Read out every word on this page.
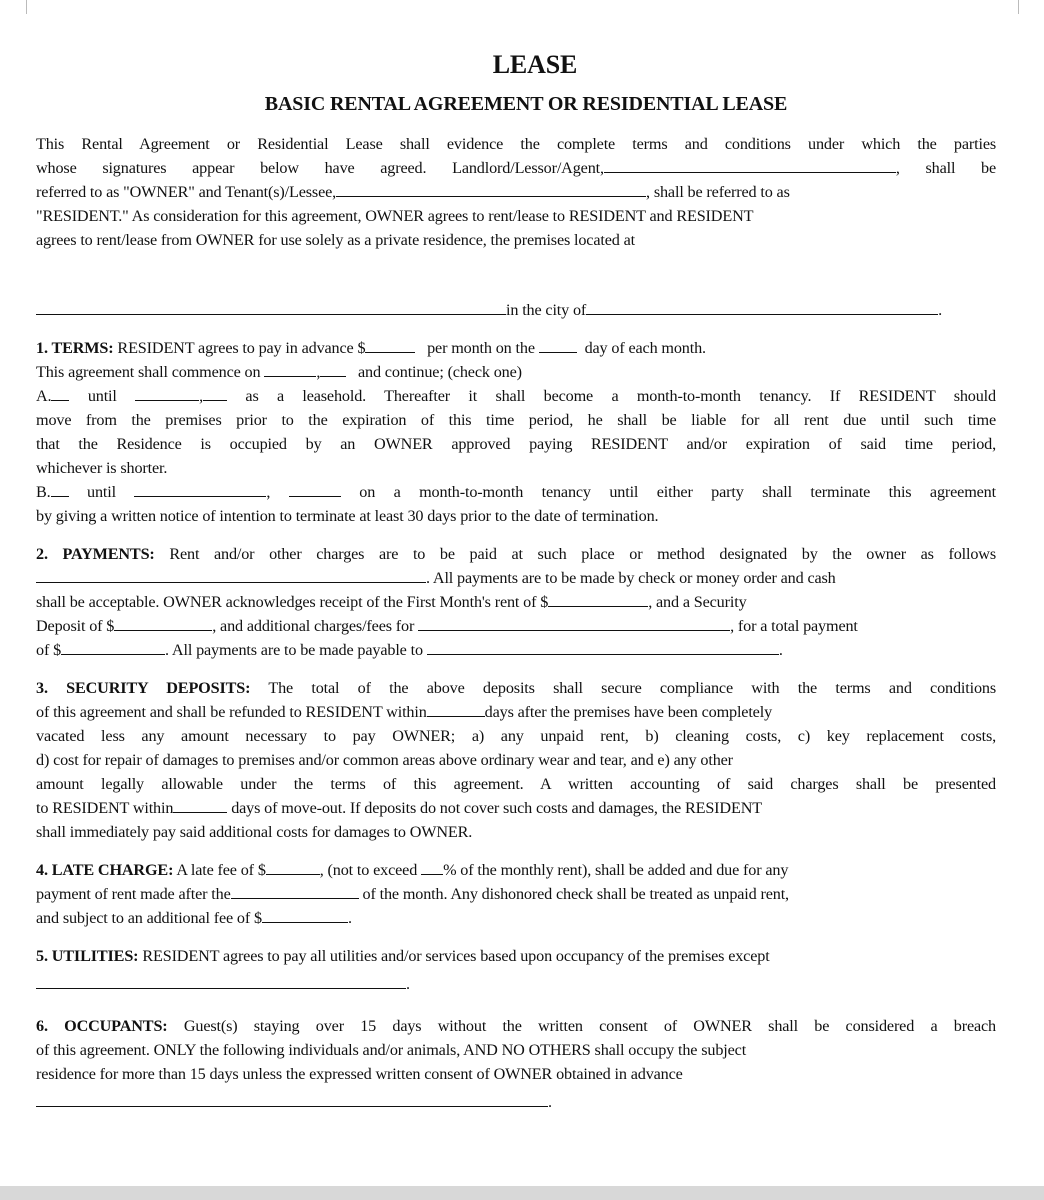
LEASE
BASIC RENTAL AGREEMENT OR RESIDENTIAL LEASE

This Rental Agreement or Residential Lease shall evidence the complete terms and conditions under which the parties

whose signatures appear below have agreed. Landlord/Lessor/Agent,	, shall be

referred to as "OWNER" and Tenant(s)/Lessee,	, shall be referred to as

"RESIDENT." As consideration for this agreement, OWNER agrees to rent/lease to RESIDENT and RESIDENT

agrees to rent/lease from OWNER for use solely as a private residence, the premises located at

in the city of	.

1. TERMS: RESIDENT agrees to pay in advance $	per month on the	day of each month.

This agreement shall commence on	, and continue; (check one)

A. until	,	as a leasehold. Thereafter it shall become a month-to-month tenancy. If RESIDENT should

move from the premises prior to the expiration of this time period, he shall be liable for all rent due until such time

that the Residence is occupied by an OWNER approved paying RESIDENT and/or expiration of said time period,

whichever is shorter.

B. until	,	on a month-to-month tenancy until either party shall terminate this agreement

by giving a written notice of intention to terminate at least 30 days prior to the date of termination.

2. PAYMENTS: Rent and/or other charges are to be paid at such place or method designated by the owner as follows

. All payments are to be made by check or money order and cash

shall be acceptable. OWNER acknowledges receipt of the First Month's rent of $	, and a Security

Deposit of $	, and additional charges/fees for	, for a total payment

of $	. All payments are to be made payable to	.

3. SECURITY DEPOSITS: The total of the above deposits shall secure compliance with the terms and conditions

of this agreement and shall be refunded to RESIDENT within	days after the premises have been completely

vacated less any amount necessary to pay OWNER; a) any unpaid rent, b) cleaning costs, c) key replacement costs,

d) cost for repair of damages to premises and/or common areas above ordinary wear and tear, and e) any other

amount legally allowable under the terms of this agreement. A written accounting of said charges shall be presented

to RESIDENT within	days of move-out. If deposits do not cover such costs and damages, the RESIDENT

shall immediately pay said additional costs for damages to OWNER.

4. LATE CHARGE: A late fee of $	, (not to exceed % of the monthly rent), shall be added and due for any

payment of rent made after the	of the month. Any dishonored check shall be treated as unpaid rent,

and subject to an additional fee of $	.

5. UTILITIES: RESIDENT agrees to pay all utilities and/or services based upon occupancy of the premises except

.

6. OCCUPANTS: Guest(s) staying over 15 days without the written consent of OWNER shall be considered a breach

of this agreement. ONLY the following individuals and/or animals, AND NO OTHERS shall occupy the subject

residence for more than 15 days unless the expressed written consent of OWNER obtained in advance

.
